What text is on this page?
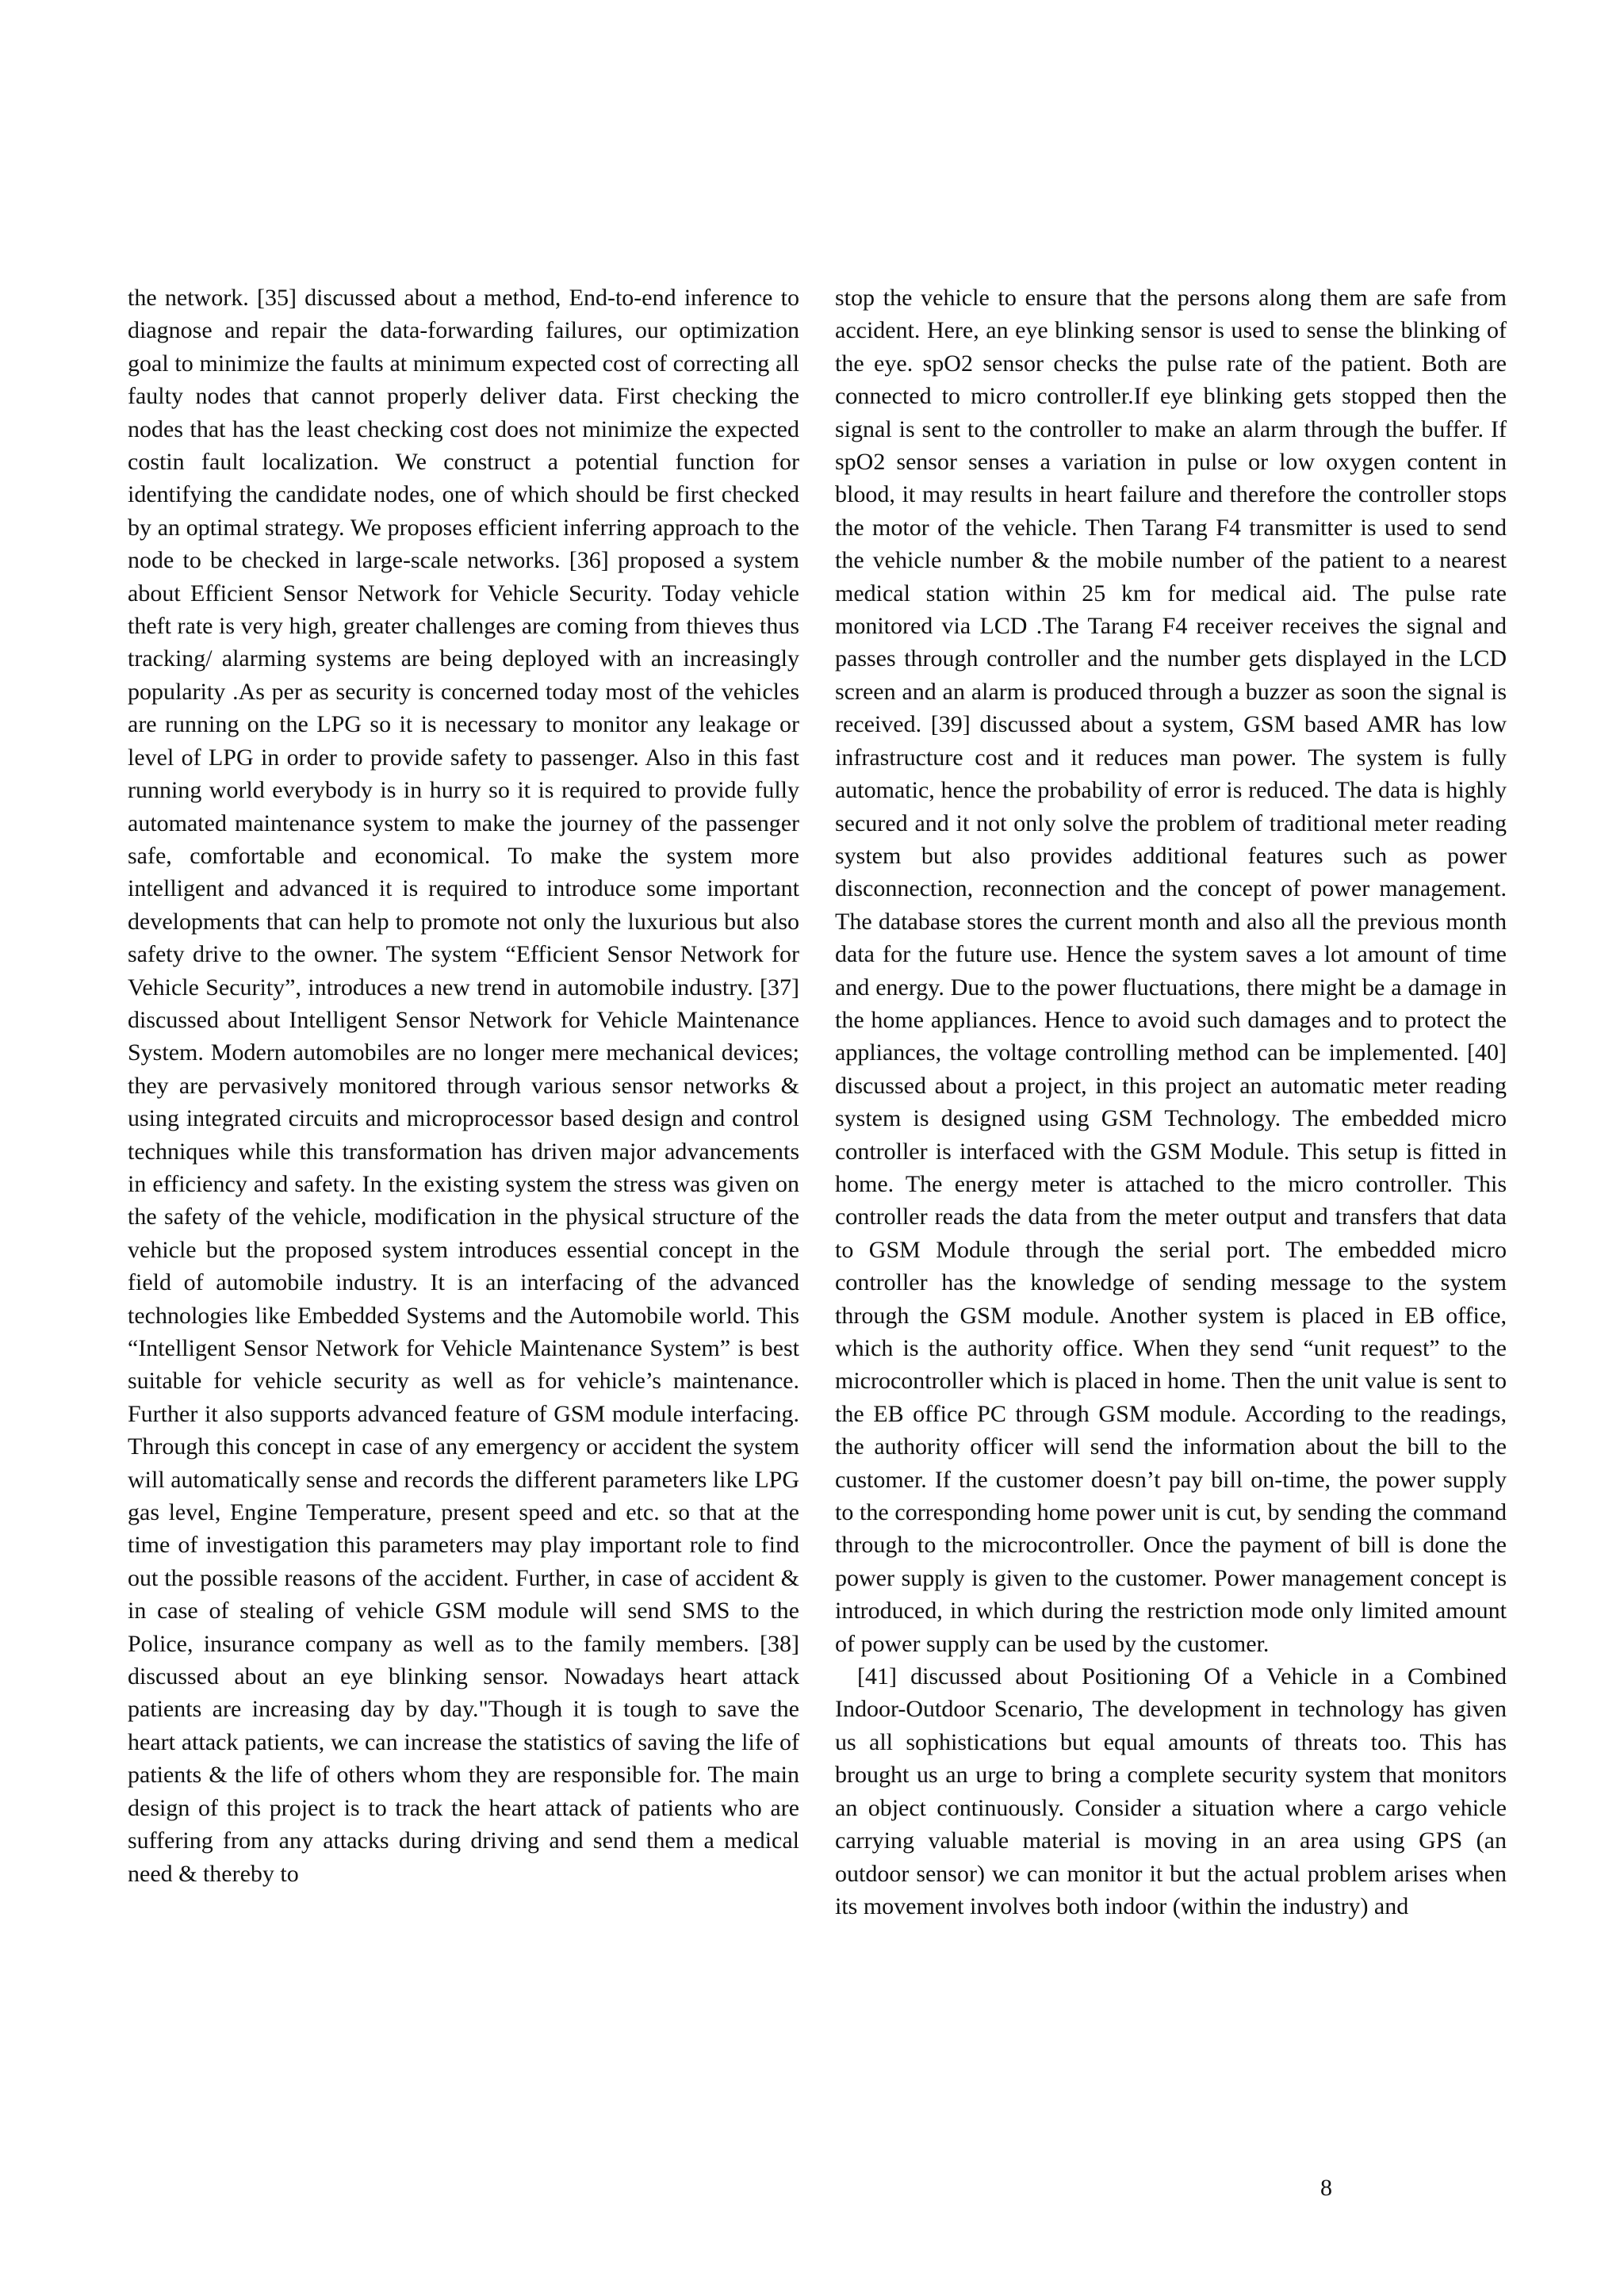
the network. [35] discussed about a method, End-to-end inference to diagnose and repair the data-forwarding failures, our optimization goal to minimize the faults at minimum expected cost of correcting all faulty nodes that cannot properly deliver data. First checking the nodes that has the least checking cost does not minimize the expected costin fault localization. We construct a potential function for identifying the candidate nodes, one of which should be first checked by an optimal strategy. We proposes efficient inferring approach to the node to be checked in large-scale networks. [36] proposed a system about Efficient Sensor Network for Vehicle Security. Today vehicle theft rate is very high, greater challenges are coming from thieves thus tracking/ alarming systems are being deployed with an increasingly popularity .As per as security is concerned today most of the vehicles are running on the LPG so it is necessary to monitor any leakage or level of LPG in order to provide safety to passenger. Also in this fast running world everybody is in hurry so it is required to provide fully automated maintenance system to make the journey of the passenger safe, comfortable and economical. To make the system more intelligent and advanced it is required to introduce some important developments that can help to promote not only the luxurious but also safety drive to the owner. The system “Efficient Sensor Network for Vehicle Security”, introduces a new trend in automobile industry. [37] discussed about Intelligent Sensor Network for Vehicle Maintenance System. Modern automobiles are no longer mere mechanical devices; they are pervasively monitored through various sensor networks & using integrated circuits and microprocessor based design and control techniques while this transformation has driven major advancements in efficiency and safety. In the existing system the stress was given on the safety of the vehicle, modification in the physical structure of the vehicle but the proposed system introduces essential concept in the field of automobile industry. It is an interfacing of the advanced technologies like Embedded Systems and the Automobile world. This “Intelligent Sensor Network for Vehicle Maintenance System” is best suitable for vehicle security as well as for vehicle’s maintenance. Further it also supports advanced feature of GSM module interfacing. Through this concept in case of any emergency or accident the system will automatically sense and records the different parameters like LPG gas level, Engine Temperature, present speed and etc. so that at the time of investigation this parameters may play important role to find out the possible reasons of the accident. Further, in case of accident & in case of stealing of vehicle GSM module will send SMS to the Police, insurance company as well as to the family members. [38] discussed about an eye blinking sensor. Nowadays heart attack patients are increasing day by day."Though it is tough to save the heart attack patients, we can increase the statistics of saving the life of patients & the life of others whom they are responsible for. The main design of this project is to track the heart attack of patients who are suffering from any attacks during driving and send them a medical need & thereby to

stop the vehicle to ensure that the persons along them are safe from accident. Here, an eye blinking sensor is used to sense the blinking of the eye. spO2 sensor checks the pulse rate of the patient. Both are connected to micro controller.If eye blinking gets stopped then the signal is sent to the controller to make an alarm through the buffer. If spO2 sensor senses a variation in pulse or low oxygen content in blood, it may results in heart failure and therefore the controller stops the motor of the vehicle. Then Tarang F4 transmitter is used to send the vehicle number & the mobile number of the patient to a nearest medical station within 25 km for medical aid. The pulse rate monitored via LCD .The Tarang F4 receiver receives the signal and passes through controller and the number gets displayed in the LCD screen and an alarm is produced through a buzzer as soon the signal is received. [39] discussed about a system, GSM based AMR has low infrastructure cost and it reduces man power. The system is fully automatic, hence the probability of error is reduced. The data is highly secured and it not only solve the problem of traditional meter reading system but also provides additional features such as power disconnection, reconnection and the concept of power management. The database stores the current month and also all the previous month data for the future use. Hence the system saves a lot amount of time and energy. Due to the power fluctuations, there might be a damage in the home appliances. Hence to avoid such damages and to protect the appliances, the voltage controlling method can be implemented. [40] discussed about a project, in this project an automatic meter reading system is designed using GSM Technology. The embedded micro controller is interfaced with the GSM Module. This setup is fitted in home. The energy meter is attached to the micro controller. This controller reads the data from the meter output and transfers that data to GSM Module through the serial port. The embedded micro controller has the knowledge of sending message to the system through the GSM module. Another system is placed in EB office, which is the authority office. When they send “unit request” to the microcontroller which is placed in home. Then the unit value is sent to the EB office PC through GSM module. According to the readings, the authority officer will send the information about the bill to the customer. If the customer doesn’t pay bill on-time, the power supply to the corresponding home power unit is cut, by sending the command through to the microcontroller. Once the payment of bill is done the power supply is given to the customer. Power management concept is introduced, in which during the restriction mode only limited amount of power supply can be used by the customer.

[41] discussed about Positioning Of a Vehicle in a Combined Indoor-Outdoor Scenario, The development in technology has given us all sophistications but equal amounts of threats too. This has brought us an urge to bring a complete security system that monitors an object continuously. Consider a situation where a cargo vehicle carrying valuable material is moving in an area using GPS (an outdoor sensor) we can monitor it but the actual problem arises when its movement involves both indoor (within the industry) and

8
